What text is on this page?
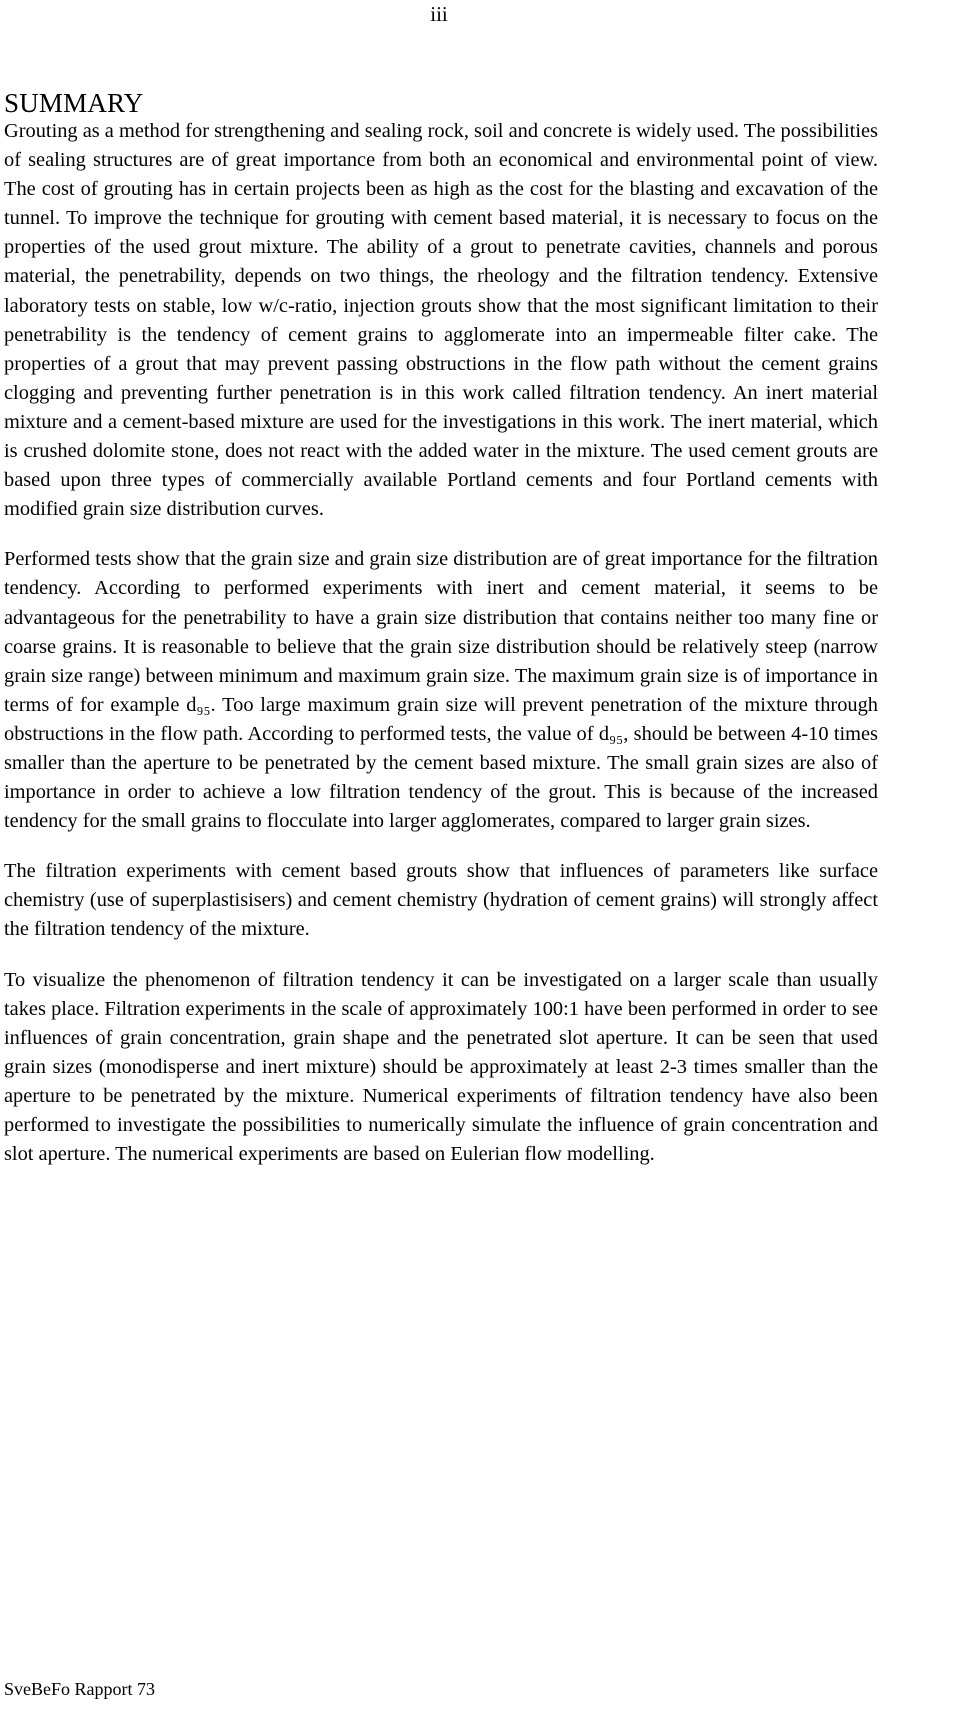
iii
SUMMARY

Grouting as a method for strengthening and sealing rock, soil and concrete is widely used. The possibilities of sealing structures are of great importance from both an economical and environmental point of view. The cost of grouting has in certain projects been as high as the cost for the blasting and excavation of the tunnel. To improve the technique for grouting with cement based material, it is necessary to focus on the properties of the used grout mixture. The ability of a grout to penetrate cavities, channels and porous material, the penetrability, depends on two things, the rheology and the filtration tendency. Extensive laboratory tests on stable, low w/c-ratio, injection grouts show that the most significant limitation to their penetrability is the tendency of cement grains to agglomerate into an impermeable filter cake. The properties of a grout that may prevent passing obstructions in the flow path without the cement grains clogging and preventing further penetration is in this work called filtration tendency. An inert material mixture and a cement-based mixture are used for the investigations in this work. The inert material, which is crushed dolomite stone, does not react with the added water in the mixture. The used cement grouts are based upon three types of commercially available Portland cements and four Portland cements with modified grain size distribution curves.

Performed tests show that the grain size and grain size distribution are of great importance for the filtration tendency. According to performed experiments with inert and cement material, it seems to be advantageous for the penetrability to have a grain size distribution that contains neither too many fine or coarse grains. It is reasonable to believe that the grain size distribution should be relatively steep (narrow grain size range) between minimum and maximum grain size. The maximum grain size is of importance in terms of for example d₉₅. Too large maximum grain size will prevent penetration of the mixture through obstructions in the flow path. According to performed tests, the value of d₉₅, should be between 4-10 times smaller than the aperture to be penetrated by the cement based mixture. The small grain sizes are also of importance in order to achieve a low filtration tendency of the grout. This is because of the increased tendency for the small grains to flocculate into larger agglomerates, compared to larger grain sizes.

The filtration experiments with cement based grouts show that influences of parameters like surface chemistry (use of superplastisisers) and cement chemistry (hydration of cement grains) will strongly affect the filtration tendency of the mixture.

To visualize the phenomenon of filtration tendency it can be investigated on a larger scale than usually takes place. Filtration experiments in the scale of approximately 100:1 have been performed in order to see influences of grain concentration, grain shape and the penetrated slot aperture. It can be seen that used grain sizes (monodisperse and inert mixture) should be approximately at least 2-3 times smaller than the aperture to be penetrated by the mixture. Numerical experiments of filtration tendency have also been performed to investigate the possibilities to numerically simulate the influence of grain concentration and slot aperture. The numerical experiments are based on Eulerian flow modelling.

SveBeFo Rapport 73
